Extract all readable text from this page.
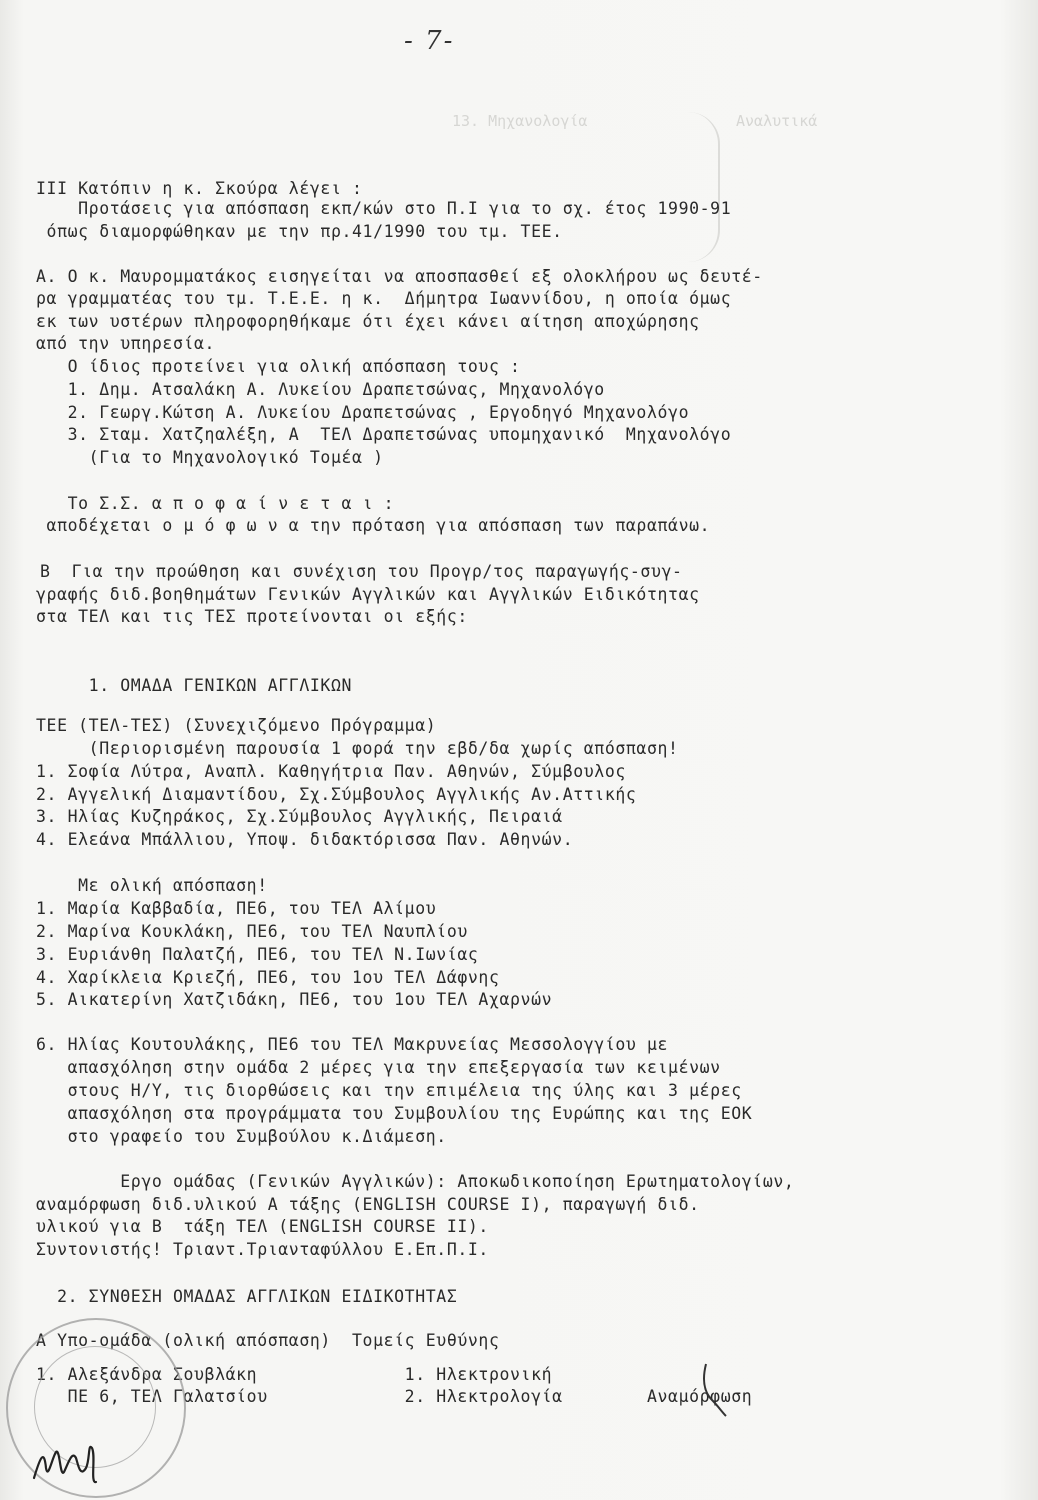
13. Μηχανολογία	Αναλυτικά
- 7-
III Κατόπιν η κ. Σκούρα λέγει :
Προτάσεις για απόσπαση εκπ/κών στο Π.Ι για το σχ. έτος 1990-91
όπως διαμορφώθηκαν με την πρ.41/1990 του τμ. ΤΕΕ.
Α. Ο κ. Μαυρομματάκος εισηγείται να αποσπασθεί εξ ολοκλήρου ως δευτέ-
ρα γραμματέας του τμ. Τ.Ε.Ε. η κ.  Δήμητρα Ιωαννίδου, η οποία όμως
εκ των υστέρων πληροφορηθήκαμε ότι έχει κάνει αίτηση αποχώρησης
από την υπηρεσία.
Ο ίδιος προτείνει για ολική απόσπαση τους :
1. Δημ. Ατσαλάκη Α. Λυκείου Δραπετσώνας, Μηχανολόγο
2. Γεωργ.Κώτση Α. Λυκείου Δραπετσώνας , Εργοδηγό Μηχανολόγο
3. Σταμ. Χατζηαλέξη, Α  ΤΕΛ Δραπετσώνας υπομηχανικό  Μηχανολόγο
(Για το Μηχανολογικό Τομέα )
Το Σ.Σ. α π ο φ α ί ν ε τ α ι :
αποδέχεται ο μ ό φ ω ν α την πρόταση για απόσπαση των παραπάνω.
Β  Για την προώθηση και συνέχιση του Προγρ/τος παραγωγής-συγ-
γραφής διδ.βοηθημάτων Γενικών Αγγλικών και Αγγλικών Ειδικότητας
στα ΤΕΛ και τις ΤΕΣ προτείνονται οι εξής:
1. ΟΜΑΔΑ ΓΕΝΙΚΩΝ ΑΓΓΛΙΚΩΝ
ΤΕΕ (ΤΕΛ-ΤΕΣ) (Συνεχιζόμενο Πρόγραμμα)
(Περιορισμένη παρουσία 1 φορά την εβδ/δα χωρίς απόσπαση!
1. Σοφία Λύτρα, Αναπλ. Καθηγήτρια Παν. Αθηνών, Σύμβουλος
2. Αγγελική Διαμαντίδου, Σχ.Σύμβουλος Αγγλικής Αν.Αττικής
3. Ηλίας Κυζηράκος, Σχ.Σύμβουλος Αγγλικής, Πειραιά
4. Ελεάνα Μπάλλιου, Υποψ. διδακτόρισσα Παν. Αθηνών.
Με ολική απόσπαση!
1. Μαρία Καββαδία, ΠΕ6, του ΤΕΛ Αλίμου
2. Μαρίνα Κουκλάκη, ΠΕ6, του ΤΕΛ Ναυπλίου
3. Ευριάνθη Παλατζή, ΠΕ6, του ΤΕΛ Ν.Ιωνίας
4. Χαρίκλεια Κριεζή, ΠΕ6, του 1ου ΤΕΛ Δάφνης
5. Αικατερίνη Χατζιδάκη, ΠΕ6, του 1ου ΤΕΛ Αχαρνών
6. Ηλίας Κουτουλάκης, ΠΕ6 του ΤΕΛ Μακρυνείας Μεσσολογγίου με
απασχόληση στην ομάδα 2 μέρες για την επεξεργασία των κειμένων
στους Η/Υ, τις διορθώσεις και την επιμέλεια της ύλης και 3 μέρες
απασχόληση στα προγράμματα του Συμβουλίου της Ευρώπης και της ΕΟΚ
στο γραφείο του Συμβούλου κ.Διάμεση.
Εργο ομάδας (Γενικών Αγγλικών): Αποκωδικοποίηση Ερωτηματολογίων,
αναμόρφωση διδ.υλικού Α τάξης (ENGLISH COURSE I), παραγωγή διδ.
υλικού για Β  τάξη ΤΕΛ (ENGLISH COURSE II).
Συντονιστής! Τριαντ.Τριανταφύλλου Ε.Επ.Π.Ι.
2. ΣΥΝΘΕΣΗ ΟΜΑΔΑΣ ΑΓΓΛΙΚΩΝ ΕΙΔΙΚΟΤΗΤΑΣ
Α Υπο-ομάδα (ολική απόσπαση)  Τομείς Ευθύνης
1. Αλεξάνδρα Σουβλάκη              1. Ηλεκτρονική
ΠΕ 6, ΤΕΛ Γαλατσίου             2. Ηλεκτρολογία        Αναμόρφωση
